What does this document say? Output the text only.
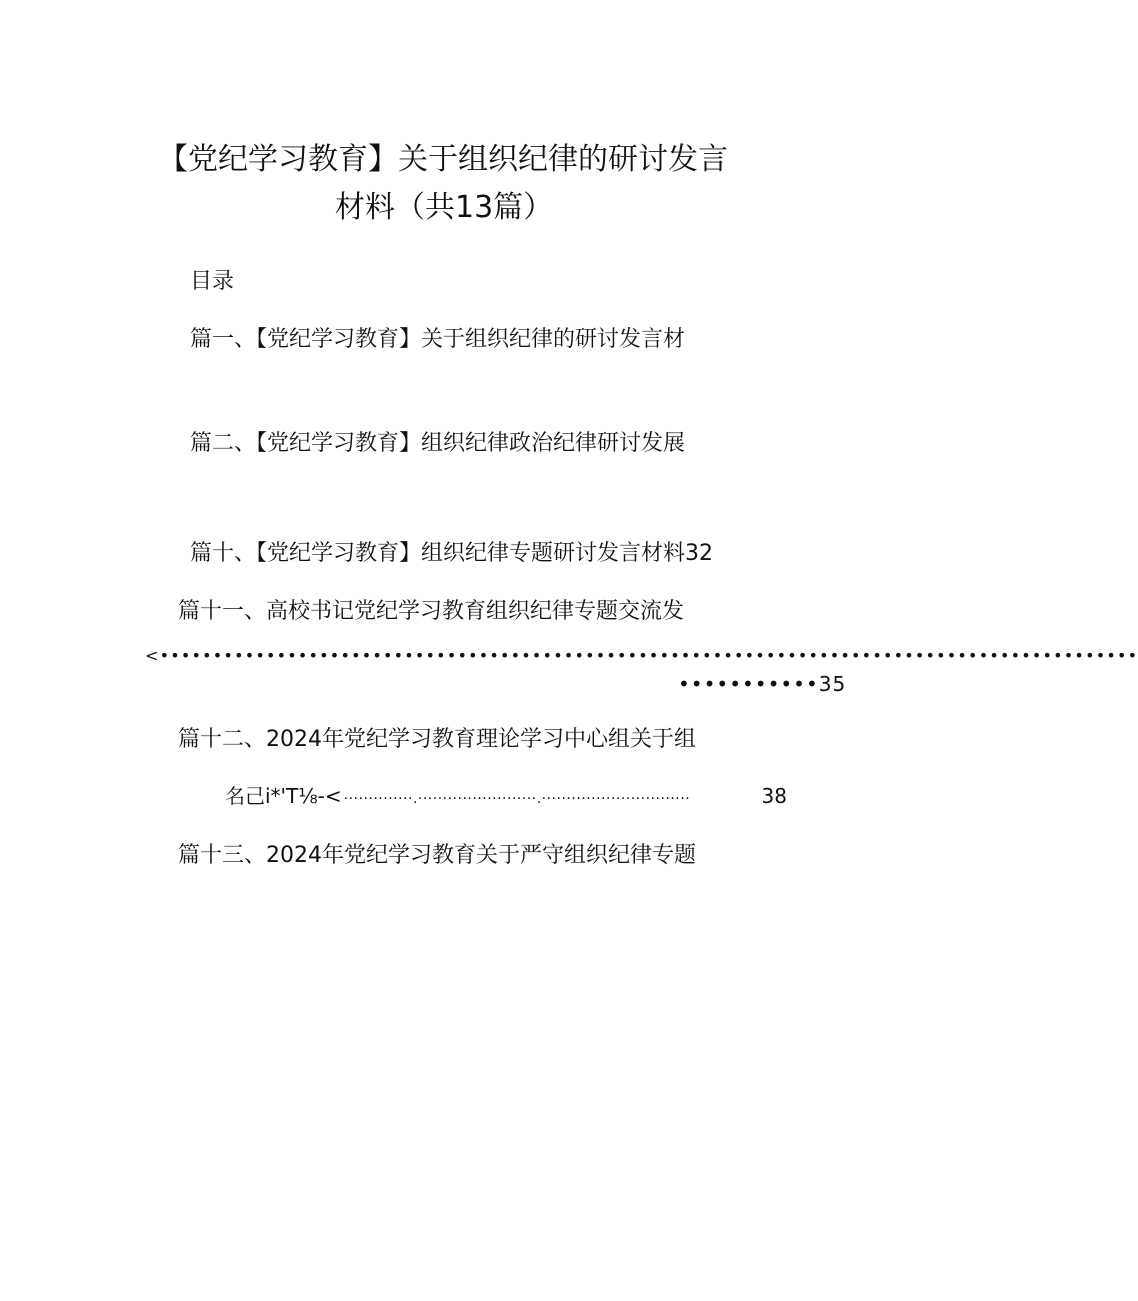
【党纪学习教育】关于组织纪律的研讨发言
材料（共13篇）
目录
篇一、【党纪学习教育】关于组织纪律的研讨发言材
篇二、【党纪学习教育】组织纪律政治纪律研讨发展
篇十、【党纪学习教育】组织纪律专题研讨发言材料32
篇十一、高校书记党纪学习教育组织纪律专题交流发
<••••••••••••••••••••••••••••••••••••••••••••••••••••••••••••••••••••••••••••••••••••••••••••
•••••••••••35
篇十二、2024年党纪学习教育理论学习中心组关于组
名己i*'T⅛-< ··············.························.······························	38
篇十三、2024年党纪学习教育关于严守组织纪律专题
